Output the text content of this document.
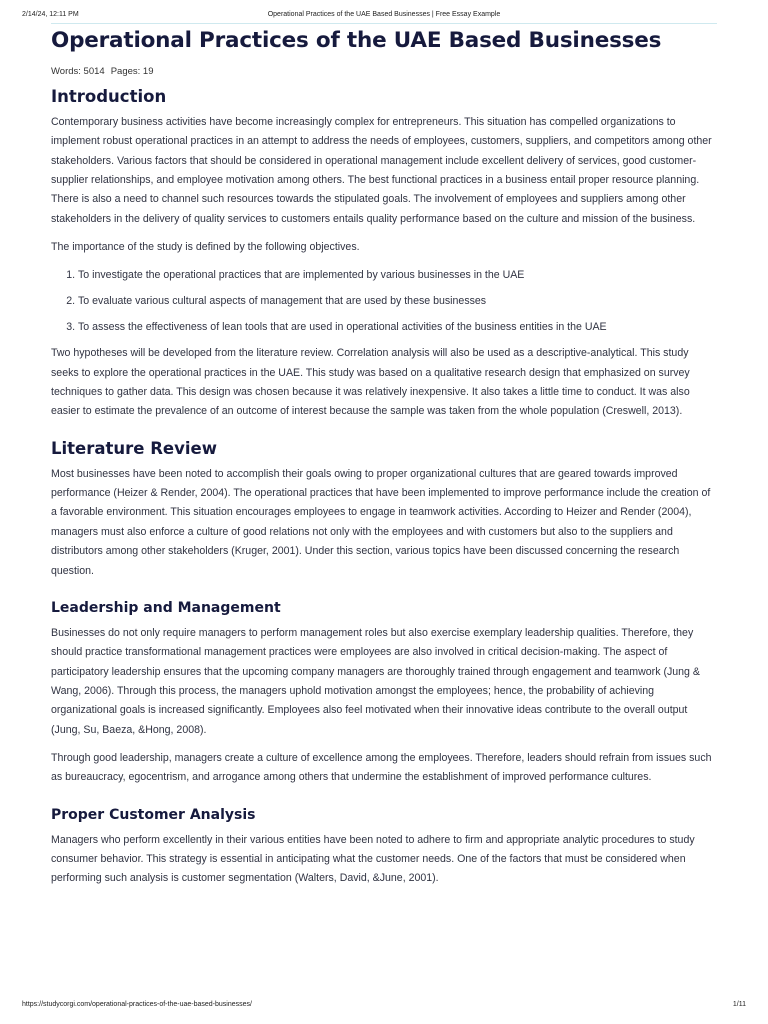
2/14/24, 12:11 PM	Operational Practices of the UAE Based Businesses | Free Essay Example
Operational Practices of the UAE Based Businesses
Words: 5014 Pages: 19
Introduction

Contemporary business activities have become increasingly complex for entrepreneurs. This situation has compelled organizations to implement robust operational practices in an attempt to address the needs of employees, customers, suppliers, and competitors among other stakeholders. Various factors that should be considered in operational management include excellent delivery of services, good customer-supplier relationships, and employee motivation among others. The best functional practices in a business entail proper resource planning. There is also a need to channel such resources towards the stipulated goals. The involvement of employees and suppliers among other stakeholders in the delivery of quality services to customers entails quality performance based on the culture and mission of the business.

The importance of the study is defined by the following objectives.

1. To investigate the operational practices that are implemented by various businesses in the UAE
2. To evaluate various cultural aspects of management that are used by these businesses
3. To assess the effectiveness of lean tools that are used in operational activities of the business entities in the UAE

Two hypotheses will be developed from the literature review. Correlation analysis will also be used as a descriptive-analytical. This study seeks to explore the operational practices in the UAE. This study was based on a qualitative research design that emphasized on survey techniques to gather data. This design was chosen because it was relatively inexpensive. It also takes a little time to conduct. It was also easier to estimate the prevalence of an outcome of interest because the sample was taken from the whole population (Creswell, 2013).

Literature Review

Most businesses have been noted to accomplish their goals owing to proper organizational cultures that are geared towards improved performance (Heizer & Render, 2004). The operational practices that have been implemented to improve performance include the creation of a favorable environment. This situation encourages employees to engage in teamwork activities. According to Heizer and Render (2004), managers must also enforce a culture of good relations not only with the employees and with customers but also to the suppliers and distributors among other stakeholders (Kruger, 2001). Under this section, various topics have been discussed concerning the research question.

Leadership and Management

Businesses do not only require managers to perform management roles but also exercise exemplary leadership qualities. Therefore, they should practice transformational management practices were employees are also involved in critical decision-making. The aspect of participatory leadership ensures that the upcoming company managers are thoroughly trained through engagement and teamwork (Jung & Wang, 2006). Through this process, the managers uphold motivation amongst the employees; hence, the probability of achieving organizational goals is increased significantly. Employees also feel motivated when their innovative ideas contribute to the overall output (Jung, Su, Baeza, &Hong, 2008).

Through good leadership, managers create a culture of excellence among the employees. Therefore, leaders should refrain from issues such as bureaucracy, egocentrism, and arrogance among others that undermine the establishment of improved performance cultures.

Proper Customer Analysis

Managers who perform excellently in their various entities have been noted to adhere to firm and appropriate analytic procedures to study consumer behavior. This strategy is essential in anticipating what the customer needs. One of the factors that must be considered when performing such analysis is customer segmentation (Walters, David, &June, 2001).

https://studycorgi.com/operational-practices-of-the-uae-based-businesses/	1/11
